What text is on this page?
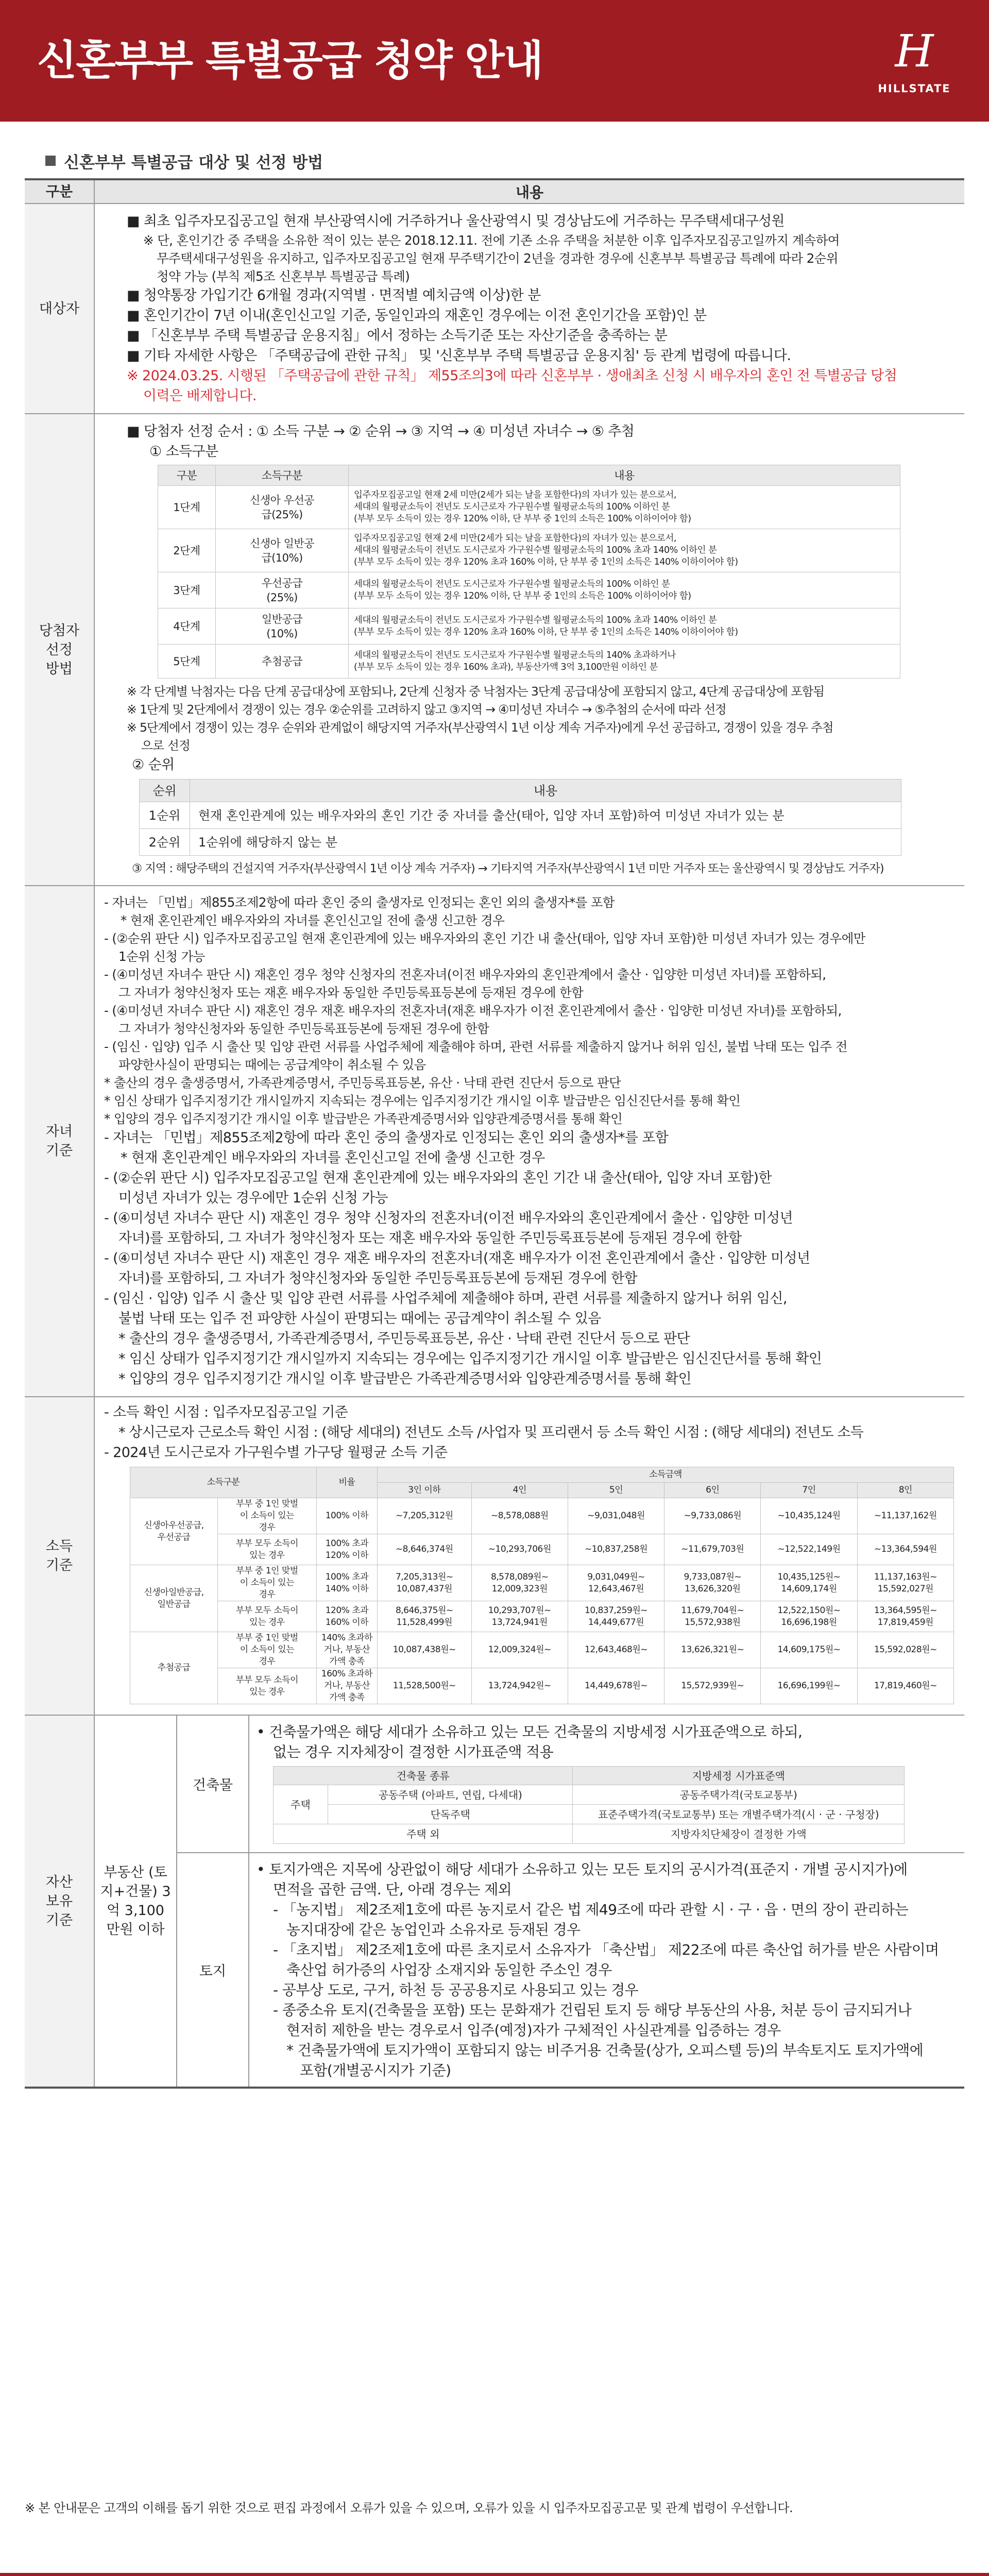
신혼부부 특별공급 청약 안내	H
HILLSTATE
신혼부부 특별공급 대상 및 선정 방법
구분	내용
대상자
■ 최초 입주자모집공고일 현재 부산광역시에 거주하거나 울산광역시 및 경상남도에 거주하는 무주택세대구성원
※ 단, 혼인기간 중 주택을 소유한 적이 있는 분은 2018.12.11. 전에 기존 소유 주택을 처분한 이후 입주자모집공고일까지 계속하여
무주택세대구성원을 유지하고, 입주자모집공고일 현재 무주택기간이 2년을 경과한 경우에 신혼부부 특별공급 특례에 따라 2순위
청약 가능 (부칙 제5조 신혼부부 특별공급 특례)
■ 청약통장 가입기간 6개월 경과(지역별 · 면적별 예치금액 이상)한 분
■ 혼인기간이 7년 이내(혼인신고일 기준, 동일인과의 재혼인 경우에는 이전 혼인기간을 포함)인 분
■ 「신혼부부 주택 특별공급 운용지침」에서 정하는 소득기준 또는 자산기준을 충족하는 분
■ 기타 자세한 사항은 「주택공급에 관한 규칙」 및 '신혼부부 주택 특별공급 운용지침' 등 관계 법령에 따릅니다.
※ 2024.03.25. 시행된 「주택공급에 관한 규칙」 제55조의3에 따라 신혼부부 · 생애최초 신청 시 배우자의 혼인 전 특별공급 당첨
이력은 배제합니다.
당첨자 선정 방법
■ 당첨자 선정 순서 : ① 소득 구분 → ② 순위 → ③ 지역 → ④ 미성년 자녀수 → ⑤ 추첨
① 소득구분
구분	소득구분	내용
1단계	신생아 우선공급(25%)	입주자모집공고일 현재 2세 미만(2세가 되는 날을 포함한다)의 자녀가 있는 분으로서,
세대의 월평균소득이 전년도 도시근로자 가구원수별 월평균소득의 100% 이하인 분
(부부 모두 소득이 있는 경우 120% 이하, 단 부부 중 1인의 소득은 100% 이하이어야 함)

2단계	신생아 일반공급(10%)	입주자모집공고일 현재 2세 미만(2세가 되는 날을 포함한다)의 자녀가 있는 분으로서,
세대의 월평균소득이 전년도 도시근로자 가구원수별 월평균소득의 100% 초과 140% 이하인 분
(부부 모두 소득이 있는 경우 120% 초과 160% 이하, 단 부부 중 1인의 소득은 140% 이하이어야 함)

3단계	우선공급 (25%)	세대의 월평균소득이 전년도 도시근로자 가구원수별 월평균소득의 100% 이하인 분
(부부 모두 소득이 있는 경우 120% 이하, 단 부부 중 1인의 소득은 100% 이하이어야 함)

4단계	일반공급 (10%)	세대의 월평균소득이 전년도 도시근로자 가구원수별 월평균소득의 100% 초과 140% 이하인 분
(부부 모두 소득이 있는 경우 120% 초과 160% 이하, 단 부부 중 1인의 소득은 140% 이하이어야 함)

5단계	추첨공급	세대의 월평균소득이 전년도 도시근로자 가구원수별 월평균소득의 140% 초과하거나
(부부 모두 소득이 있는 경우 160% 초과), 부동산가액 3억 3,100만원 이하인 분
※ 각 단계별 낙첨자는 다음 단계 공급대상에 포함되나, 2단계 신청자 중 낙첨자는 3단계 공급대상에 포함되지 않고, 4단계 공급대상에 포함됨
※ 1단계 및 2단계에서 경쟁이 있는 경우 ②순위를 고려하지 않고 ③지역 → ④미성년 자녀수 → ⑤추첨의 순서에 따라 선정
※ 5단계에서 경쟁이 있는 경우 순위와 관계없이 해당지역 거주자(부산광역시 1년 이상 계속 거주자)에게 우선 공급하고, 경쟁이 있을 경우 추첨
으로 선정
② 순위
순위	내용
1순위	현재 혼인관계에 있는 배우자와의 혼인 기간 중 자녀를 출산(태아, 입양 자녀 포함)하여 미성년 자녀가 있는 분
2순위	1순위에 해당하지 않는 분
③ 지역 : 해당주택의 건설지역 거주자(부산광역시 1년 이상 계속 거주자) → 기타지역 거주자(부산광역시 1년 미만 거주자 또는 울산광역시 및 경상남도 거주자)
자녀 기준
- 자녀는 「민법」제855조제2항에 따라 혼인 중의 출생자로 인정되는 혼인 외의 출생자*를 포함
* 현재 혼인관계인 배우자와의 자녀를 혼인신고일 전에 출생 신고한 경우
- (②순위 판단 시) 입주자모집공고일 현재 혼인관계에 있는 배우자와의 혼인 기간 내 출산(태아, 입양 자녀 포함)한 미성년 자녀가 있는 경우에만
1순위 신청 가능
- (④미성년 자녀수 판단 시) 재혼인 경우 청약 신청자의 전혼자녀(이전 배우자와의 혼인관계에서 출산 · 입양한 미성년 자녀)를 포함하되,
그 자녀가 청약신청자 또는 재혼 배우자와 동일한 주민등록표등본에 등재된 경우에 한함
- (④미성년 자녀수 판단 시) 재혼인 경우 재혼 배우자의 전혼자녀(재혼 배우자가 이전 혼인관계에서 출산 · 입양한 미성년 자녀)를 포함하되,
그 자녀가 청약신청자와 동일한 주민등록표등본에 등재된 경우에 한함
- (임신 · 입양) 입주 시 출산 및 입양 관련 서류를 사업주체에 제출해야 하며, 관련 서류를 제출하지 않거나 허위 임신, 불법 낙태 또는 입주 전
파양한사실이 판명되는 때에는 공급계약이 취소될 수 있음
* 출산의 경우 출생증명서, 가족관계증명서, 주민등록표등본, 유산 · 낙태 관련 진단서 등으로 판단
* 임신 상태가 입주지정기간 개시일까지 지속되는 경우에는 입주지정기간 개시일 이후 발급받은 임신진단서를 통해 확인
* 입양의 경우 입주지정기간 개시일 이후 발급받은 가족관계증명서와 입양관계증명서를 통해 확인
- 자녀는 「민법」제855조제2항에 따라 혼인 중의 출생자로 인정되는 혼인 외의 출생자*를 포함
* 현재 혼인관계인 배우자와의 자녀를 혼인신고일 전에 출생 신고한 경우
- (②순위 판단 시) 입주자모집공고일 현재 혼인관계에 있는 배우자와의 혼인 기간 내 출산(태아, 입양 자녀 포함)한
미성년 자녀가 있는 경우에만 1순위 신청 가능
- (④미성년 자녀수 판단 시) 재혼인 경우 청약 신청자의 전혼자녀(이전 배우자와의 혼인관계에서 출산 · 입양한 미성년
자녀)를 포함하되, 그 자녀가 청약신청자 또는 재혼 배우자와 동일한 주민등록표등본에 등재된 경우에 한함
- (④미성년 자녀수 판단 시) 재혼인 경우 재혼 배우자의 전혼자녀(재혼 배우자가 이전 혼인관계에서 출산 · 입양한 미성년
자녀)를 포함하되, 그 자녀가 청약신청자와 동일한 주민등록표등본에 등재된 경우에 한함
- (임신 · 입양) 입주 시 출산 및 입양 관련 서류를 사업주체에 제출해야 하며, 관련 서류를 제출하지 않거나 허위 임신,
불법 낙태 또는 입주 전 파양한 사실이 판명되는 때에는 공급계약이 취소될 수 있음
* 출산의 경우 출생증명서, 가족관계증명서, 주민등록표등본, 유산 · 낙태 관련 진단서 등으로 판단
* 임신 상태가 입주지정기간 개시일까지 지속되는 경우에는 입주지정기간 개시일 이후 발급받은 임신진단서를 통해 확인
* 입양의 경우 입주지정기간 개시일 이후 발급받은 가족관계증명서와 입양관계증명서를 통해 확인
소득 기준
- 소득 확인 시점 : 입주자모집공고일 기준
* 상시근로자 근로소득 확인 시점 : (해당 세대의) 전년도 소득 /사업자 및 프리랜서 등 소득 확인 시점 : (해당 세대의) 전년도 소득
- 2024년 도시근로자 가구원수별 가구당 월평균 소득 기준
소득구분		비율	소득금액					
			3인 이하	4인	5인	6인	7인	8인
신생아우선공급, 우선공급	부부 중 1인 맞벌이 소득이 있는 경우	100% 이하	~7,205,312원	~8,578,088원	~9,031,048원	~9,733,086원	~10,435,124원	~11,137,162원
	부부 모두 소득이 있는 경우	100% 초과 120% 이하	~8,646,374원	~10,293,706원	~10,837,258원	~11,679,703원	~12,522,149원	~13,364,594원
신생아일반공급, 일반공급	부부 중 1인 맞벌이 소득이 있는 경우	100% 초과 140% 이하	7,205,313원~ 10,087,437원	8,578,089원~ 12,009,323원	9,031,049원~ 12,643,467원	9,733,087원~ 13,626,320원	10,435,125원~ 14,609,174원	11,137,163원~ 15,592,027원
	부부 모두 소득이 있는 경우	120% 초과 160% 이하	8,646,375원~ 11,528,499원	10,293,707원~ 13,724,941원	10,837,259원~ 14,449,677원	11,679,704원~ 15,572,938원	12,522,150원~ 16,696,198원	13,364,595원~ 17,819,459원
추첨공급	부부 중 1인 맞벌이 소득이 있는 경우	140% 초과하거나, 부동산가액 충족	10,087,438원~	12,009,324원~	12,643,468원~	13,626,321원~	14,609,175원~	15,592,028원~
	부부 모두 소득이 있는 경우	160% 초과하거나, 부동산가액 충족	11,528,500원~	13,724,942원~	14,449,678원~	15,572,939원~	16,696,199원~	17,819,460원~
자산 보유 기준
부동산 (토지+건물) 3억 3,100 만원 이하
건축물
• 건축물가액은 해당 세대가 소유하고 있는 모든 건축물의 지방세정 시가표준액으로 하되,
없는 경우 지자체장이 결정한 시가표준액 적용
건축물 종류		지방세정 시가표준액
주택	공동주택 (아파트, 연립, 다세대)	공동주택가격(국토교통부)
	단독주택	표준주택가격(국토교통부) 또는 개별주택가격(시 · 군 · 구청장)
주택 외		지방자치단체장이 결정한 가액
토지
• 토지가액은 지목에 상관없이 해당 세대가 소유하고 있는 모든 토지의 공시가격(표준지 · 개별 공시지가)에
면적을 곱한 금액. 단, 아래 경우는 제외
- 「농지법」 제2조제1호에 따른 농지로서 같은 법 제49조에 따라 관할 시 · 구 · 읍 · 면의 장이 관리하는
농지대장에 같은 농업인과 소유자로 등재된 경우
- 「초지법」 제2조제1호에 따른 초지로서 소유자가 「축산법」 제22조에 따른 축산업 허가를 받은 사람이며
축산업 허가증의 사업장 소재지와 동일한 주소인 경우
- 공부상 도로, 구거, 하천 등 공공용지로 사용되고 있는 경우
- 종중소유 토지(건축물을 포함) 또는 문화재가 건립된 토지 등 해당 부동산의 사용, 처분 등이 금지되거나
현저히 제한을 받는 경우로서 입주(예정)자가 구체적인 사실관계를 입증하는 경우
* 건축물가액에 토지가액이 포함되지 않는 비주거용 건축물(상가, 오피스텔 등)의 부속토지도 토지가액에
포함(개별공시지가 기준)
※ 본 안내문은 고객의 이해를 돕기 위한 것으로 편집 과정에서 오류가 있을 수 있으며, 오류가 있을 시 입주자모집공고문 및 관계 법령이 우선합니다.
